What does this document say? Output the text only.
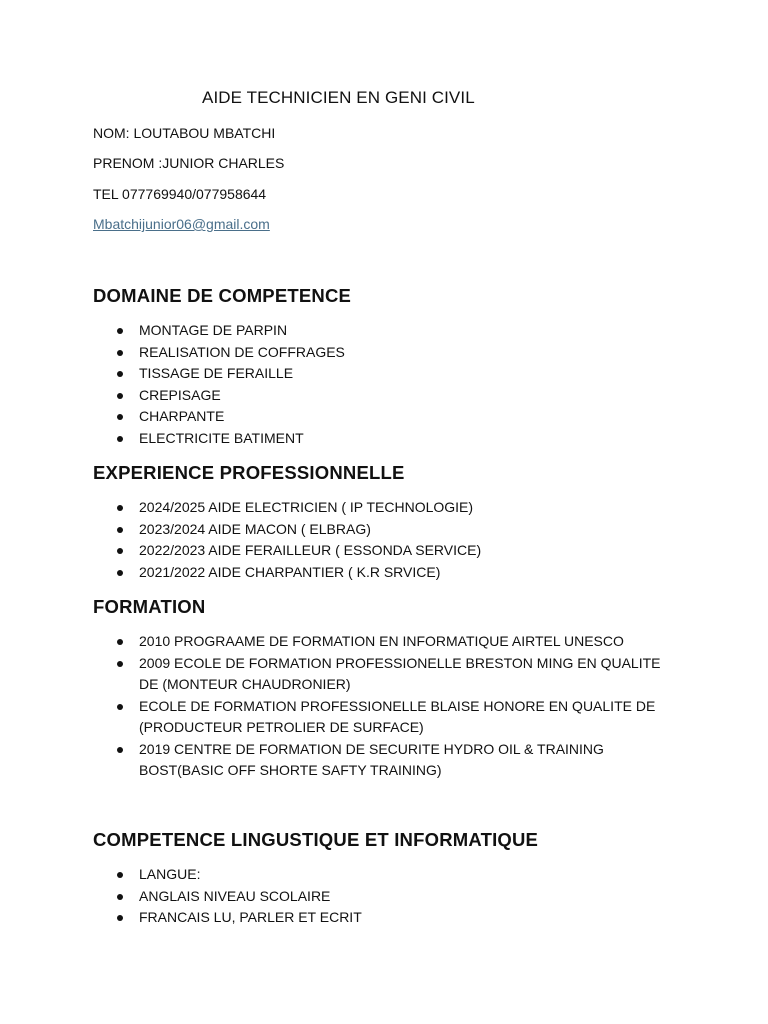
AIDE TECHNICIEN EN GENI CIVIL
NOM: LOUTABOU MBATCHI
PRENOM :JUNIOR CHARLES
TEL 077769940/077958644
Mbatchijunior06@gmail.com
DOMAINE DE COMPETENCE
MONTAGE DE PARPIN
REALISATION DE COFFRAGES
TISSAGE DE FERAILLE
CREPISAGE
CHARPANTE
ELECTRICITE BATIMENT
EXPERIENCE PROFESSIONNELLE
2024/2025 AIDE ELECTRICIEN ( IP TECHNOLOGIE)
2023/2024 AIDE MACON ( ELBRAG)
2022/2023 AIDE FERAILLEUR ( ESSONDA SERVICE)
2021/2022 AIDE CHARPANTIER ( K.R SRVICE)
FORMATION
2010 PROGRAAME DE FORMATION EN INFORMATIQUE AIRTEL UNESCO
2009 ECOLE DE FORMATION PROFESSIONELLE BRESTON MING EN QUALITE DE (MONTEUR CHAUDRONIER)
ECOLE DE FORMATION PROFESSIONELLE BLAISE HONORE EN QUALITE DE (PRODUCTEUR PETROLIER DE SURFACE)
2019 CENTRE DE FORMATION DE SECURITE HYDRO OIL & TRAINING BOST(BASIC OFF SHORTE SAFTY TRAINING)
COMPETENCE LINGUSTIQUE ET INFORMATIQUE
LANGUE:
ANGLAIS NIVEAU SCOLAIRE
FRANCAIS LU, PARLER ET ECRIT
